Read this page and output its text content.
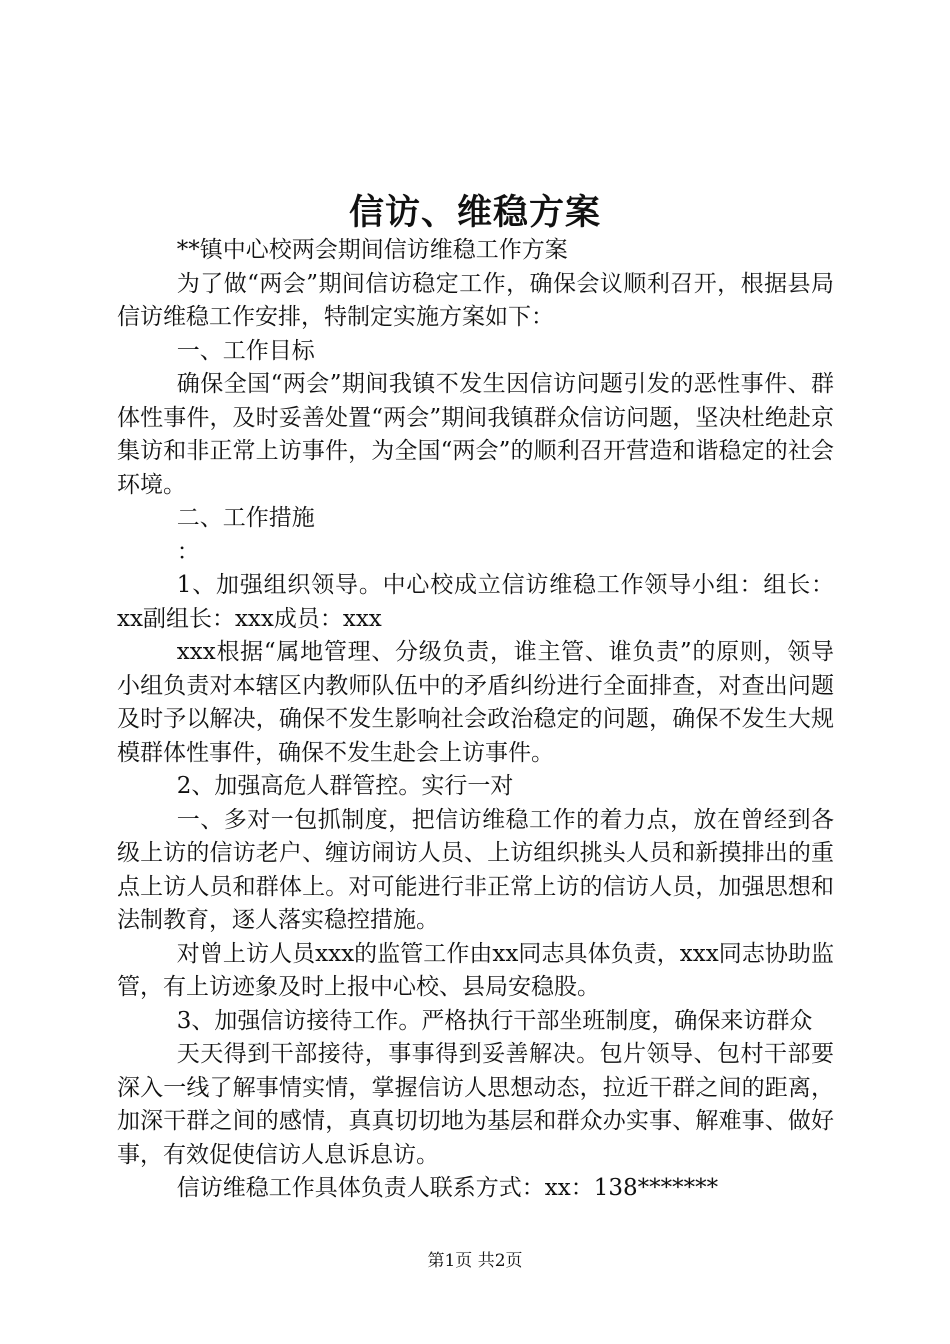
信访、维稳方案

**镇中心校两会期间信访维稳工作方案

为了做“两会”期间信访稳定工作，确保会议顺利召开，根据县局信访维稳工作安排，特制定实施方案如下：

一、工作目标

确保全国“两会”期间我镇不发生因信访问题引发的恶性事件、群体性事件，及时妥善处置“两会”期间我镇群众信访问题，坚决杜绝赴京集访和非正常上访事件，为全国“两会”的顺利召开营造和谐稳定的社会环境。

二、工作措施

：

1、加强组织领导。中心校成立信访维稳工作领导小组：组长：xx副组长：xxx成员：xxx

xxx根据“属地管理、分级负责，谁主管、谁负责”的原则，领导小组负责对本辖区内教师队伍中的矛盾纠纷进行全面排查，对查出问题及时予以解决，确保不发生影响社会政治稳定的问题，确保不发生大规模群体性事件，确保不发生赴会上访事件。

2、加强高危人群管控。实行一对

一、多对一包抓制度，把信访维稳工作的着力点，放在曾经到各级上访的信访老户、缠访闹访人员、上访组织挑头人员和新摸排出的重点上访人员和群体上。对可能进行非正常上访的信访人员，加强思想和法制教育，逐人落实稳控措施。

对曾上访人员xxx的监管工作由xx同志具体负责，xxx同志协助监管，有上访迹象及时上报中心校、县局安稳股。

3、加强信访接待工作。严格执行干部坐班制度，确保来访群众

天天得到干部接待，事事得到妥善解决。包片领导、包村干部要深入一线了解事情实情，掌握信访人思想动态，拉近干群之间的距离，加深干群之间的感情，真真切切地为基层和群众办实事、解难事、做好事，有效促使信访人息诉息访。

信访维稳工作具体负责人联系方式：xx：138*******

第1页 共2页
